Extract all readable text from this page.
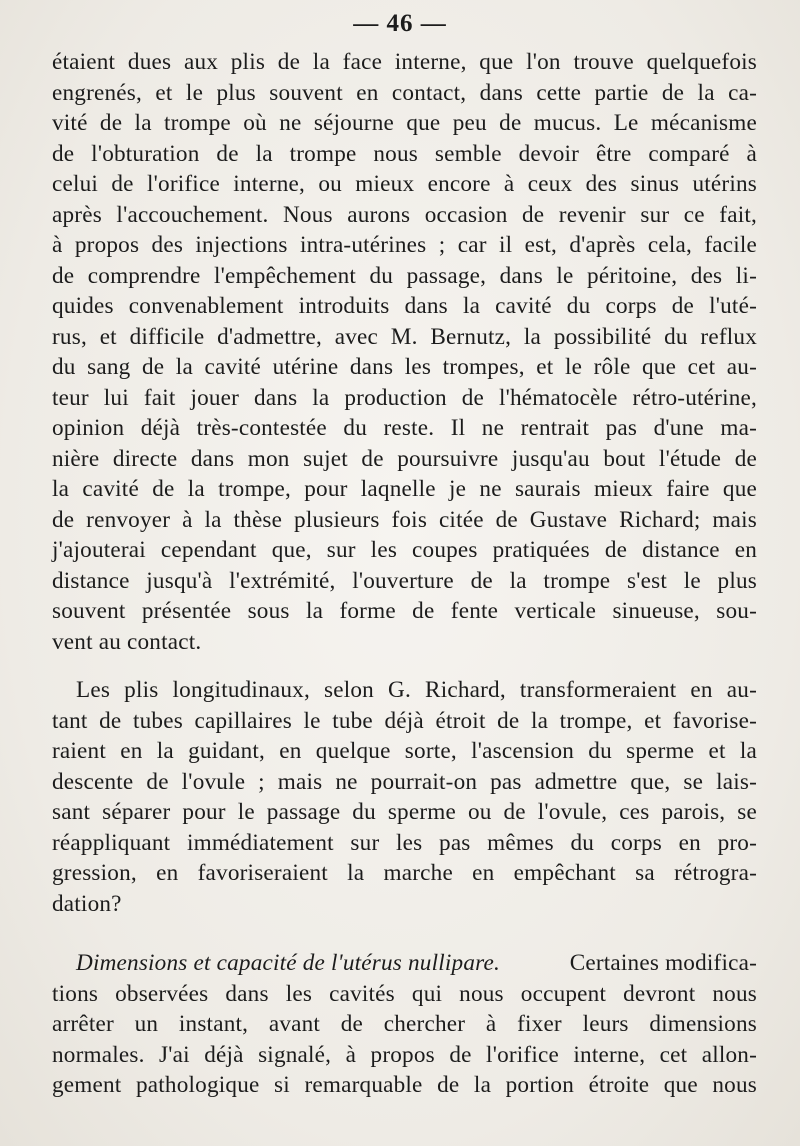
— 46 —
étaient dues aux plis de la face interne, que l'on trouve quelquefois
engrenés, et le plus souvent en contact, dans cette partie de la ca-
vité de la trompe où ne séjourne que peu de mucus. Le mécanisme
de l'obturation de la trompe nous semble devoir être comparé à
celui de l'orifice interne, ou mieux encore à ceux des sinus utérins
après l'accouchement. Nous aurons occasion de revenir sur ce fait,
à propos des injections intra-utérines ; car il est, d'après cela, facile
de comprendre l'empêchement du passage, dans le péritoine, des li-
quides convenablement introduits dans la cavité du corps de l'uté-
rus, et difficile d'admettre, avec M. Bernutz, la possibilité du reflux
du sang de la cavité utérine dans les trompes, et le rôle que cet au-
teur lui fait jouer dans la production de l'hématocèle rétro-utérine,
opinion déjà très-contestée du reste. Il ne rentrait pas d'une ma-
nière directe dans mon sujet de poursuivre jusqu'au bout l'étude de
la cavité de la trompe, pour laqnelle je ne saurais mieux faire que
de renvoyer à la thèse plusieurs fois citée de Gustave Richard; mais
j'ajouterai cependant que, sur les coupes pratiquées de distance en
distance jusqu'à l'extrémité, l'ouverture de la trompe s'est le plus
souvent présentée sous la forme de fente verticale sinueuse, sou-
vent au contact.
Les plis longitudinaux, selon G. Richard, transformeraient en au-
tant de tubes capillaires le tube déjà étroit de la trompe, et favorise-
raient en la guidant, en quelque sorte, l'ascension du sperme et la
descente de l'ovule ; mais ne pourrait-on pas admettre que, se lais-
sant séparer pour le passage du sperme ou de l'ovule, ces parois, se
réappliquant immédiatement sur les pas mêmes du corps en pro-
gression, en favoriseraient la marche en empêchant sa rétrogra-
dation?
Dimensions et capacité de l'utérus nullipare.	Certaines modifica-
tions observées dans les cavités qui nous occupent devront nous
arrêter un instant, avant de chercher à fixer leurs dimensions
normales. J'ai déjà signalé, à propos de l'orifice interne, cet allon-
gement pathologique si remarquable de la portion étroite que nous
